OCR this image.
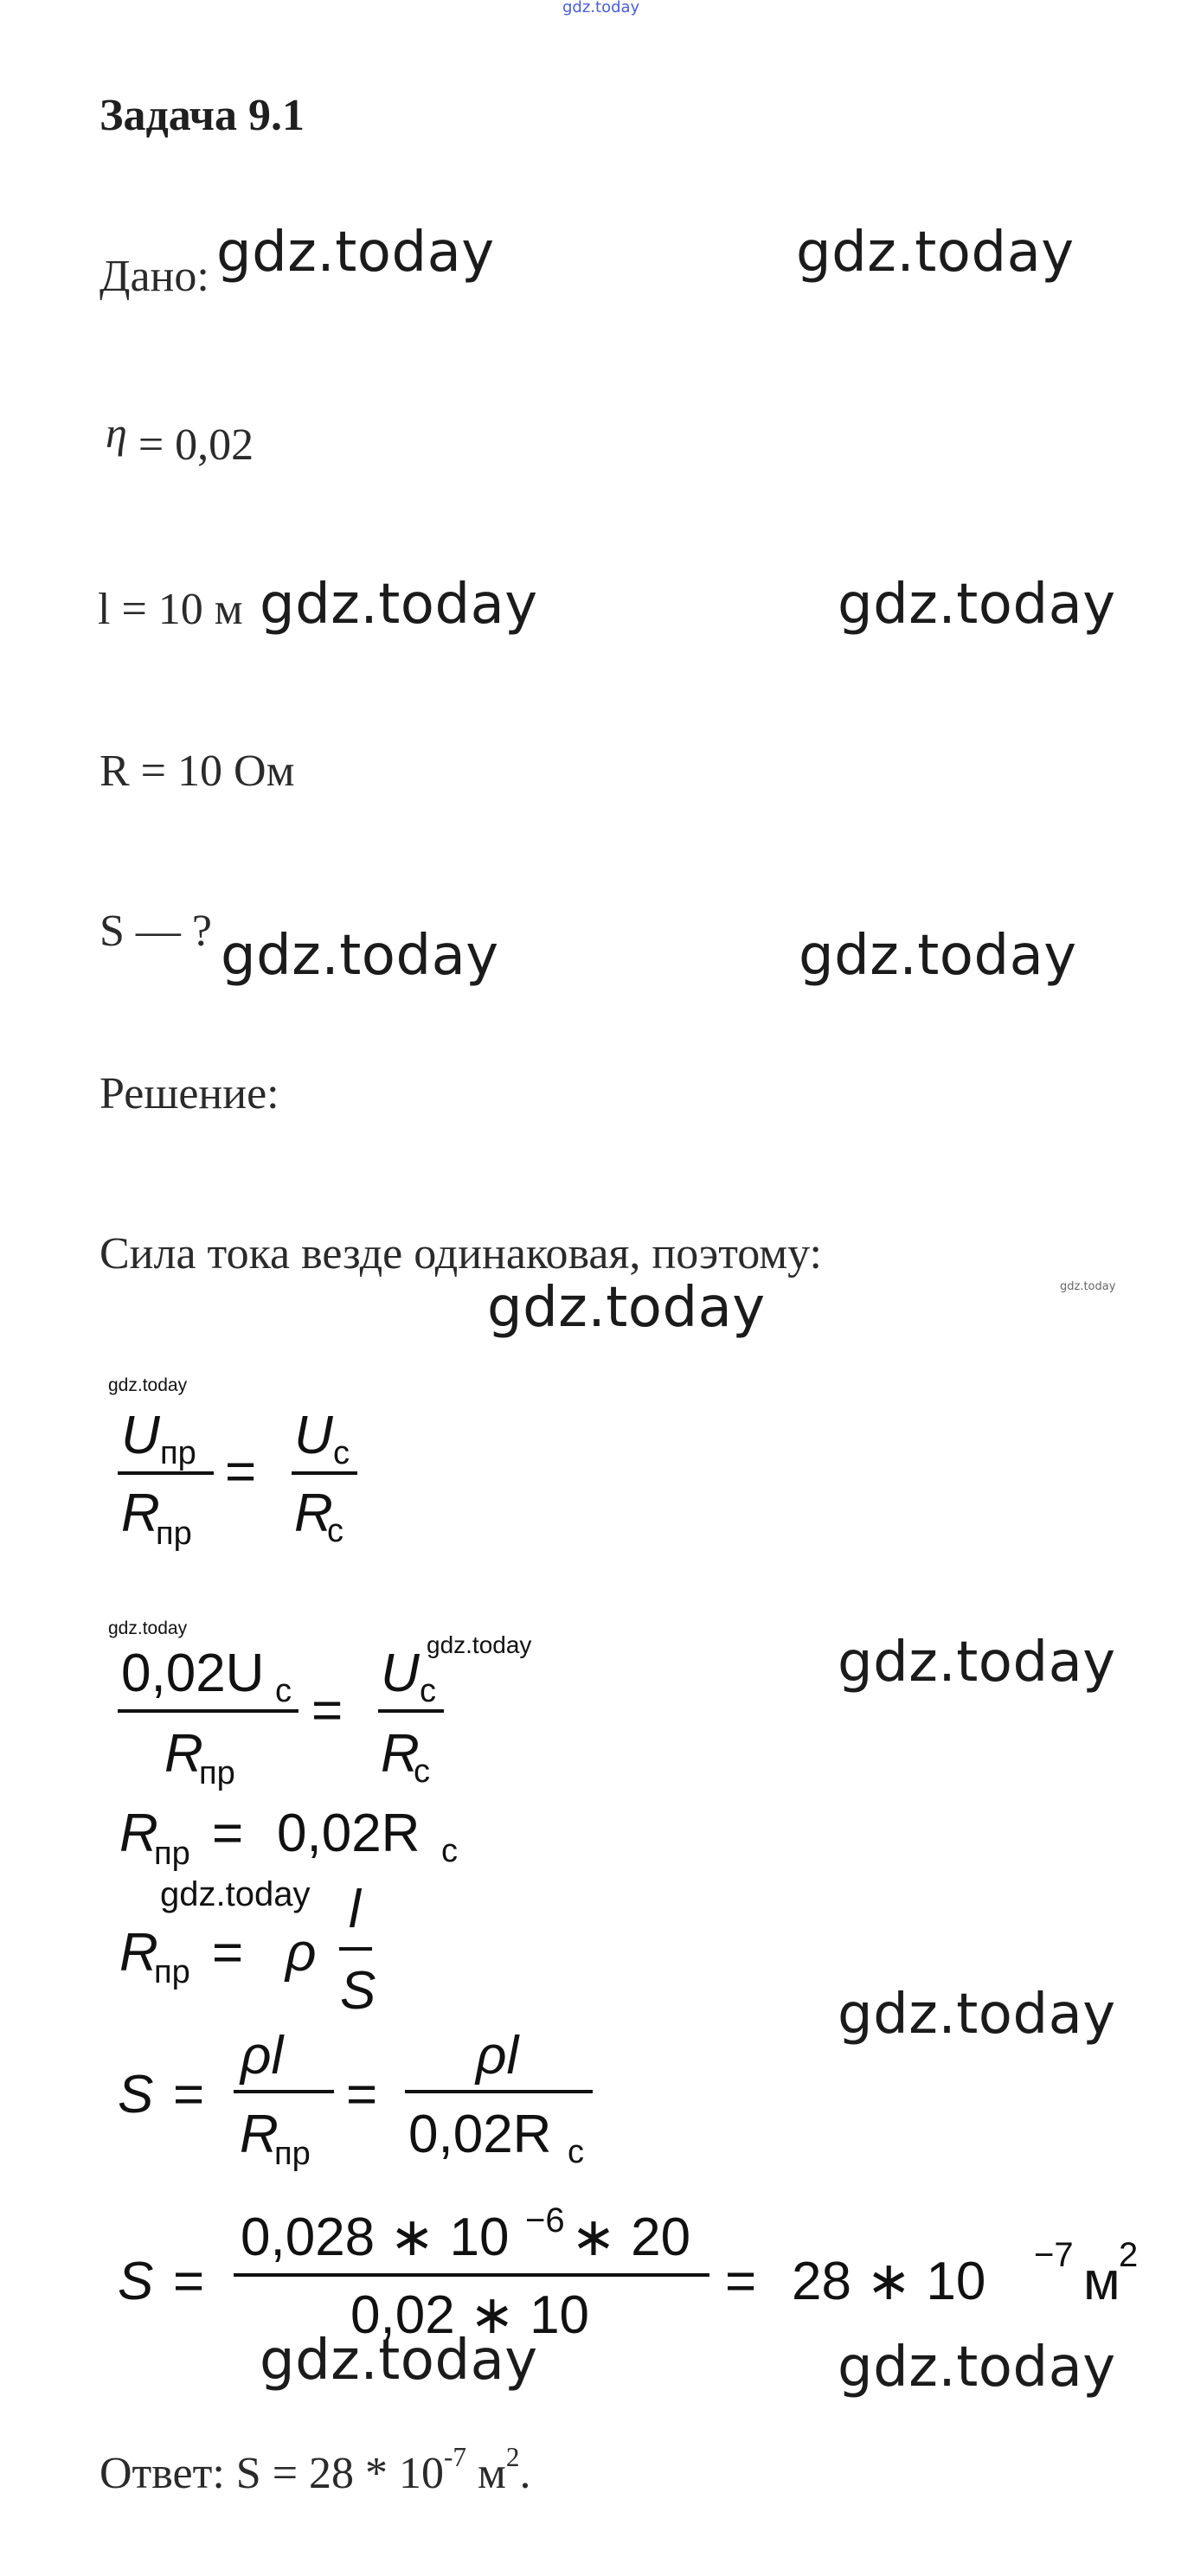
gdz.today
Задача 9.1
Дано: gdz.today	gdz.today
η = 0,02
l = 10 м gdz.today	gdz.today
R = 10 Ом
S — ? gdz.today	gdz.today
Решение:
Сила тока везде одинаковая, поэтому:
gdz.today	gdz.today
gdz.today
gdz.today
gdz.today
U пр
R
пр
=
U с
R
с
0,02U с
R
пр
=
U с
R
с
R
пр = 0,02R с
gdz.today
R
пр = ρ
l
S
S =
ρl
R
пр
=
ρl
0,02R с
S =
0,028 ∗ 10 −6 ∗ 20
0,02 ∗ 10
= 28 ∗ 10 −7 м
2
gdz.today
gdz.today
gdz.today	gdz.today
Ответ: $S = 28 * 10^{-7}$ $м^2$.
